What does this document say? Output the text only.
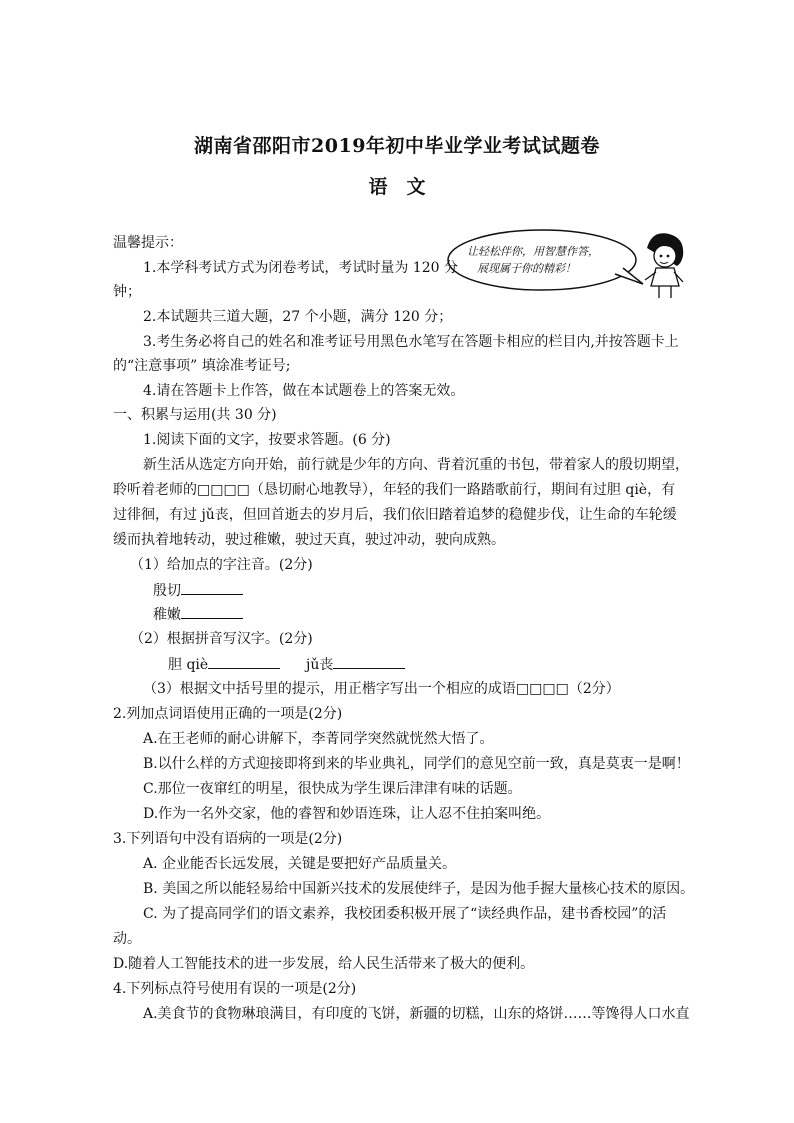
湖南省邵阳市2019年初中毕业学业考试试题卷
语　文
让轻松伴你，用智慧作答，
展现属于你的精彩！
温馨提示：
1.本学科考试方式为闭卷考试，考试时量为 120 分
钟；
2.本试题共三道大题，27 个小题，满分 120 分；
3.考生务必将自己的姓名和准考证号用黑色水笔写在答题卡相应的栏目内,并按答题卡上
的“注意事项” 填涂准考证号;
4.请在答题卡上作答，做在本试题卷上的答案无效。
一、积累与运用(共 30 分)
1.阅读下面的文字，按要求答题。(6 分)
新生活从选定方向开始，前行就是少年的方向、背着沉重的书包，带着家人的殷切期望，
聆听着老师的□□□□（恳切耐心地教导），年轻的我们一路踏歌前行，期间有过胆 qiè，有
过徘徊，有过 jǔ丧，但回首逝去的岁月后，我们依旧踏着追梦的稳健步伐，让生命的车轮缓
缓而执着地转动，驶过稚嫩，驶过天真，驶过冲动，驶向成熟。
（1）给加点的字注音。(2分)
殷切
稚嫩
（2）根据拼音写汉字。(2分)
胆 qiè	jǔ丧
（3）根据文中括号里的提示，用正楷字写出一个相应的成语□□□□（2分）
2.列加点词语使用正确的一项是(2分)
A.在王老师的耐心讲解下，李菁同学突然就恍然大悟了。
B.以什么样的方式迎接即将到来的毕业典礼，同学们的意见空前一致，真是莫衷一是啊！
C.那位一夜窜红的明星，很快成为学生课后津津有味的话题。
D.作为一名外交家，他的睿智和妙语连珠，让人忍不住拍案叫绝。
3.下列语句中没有语病的一项是(2分)
A. 企业能否长远发展，关键是要把好产品质量关。
B. 美国之所以能轻易给中国新兴技术的发展使绊子，是因为他手握大量核心技术的原因。
C. 为了提高同学们的语文素养，我校团委积极开展了“读经典作品，建书香校园”的活
动。
D.随着人工智能技术的进一步发展，给人民生活带来了极大的便利。
4.下列标点符号使用有误的一项是(2分)
A.美食节的食物琳琅满目，有印度的飞饼，新疆的切糕，山东的烙饼……等馋得人口水直
